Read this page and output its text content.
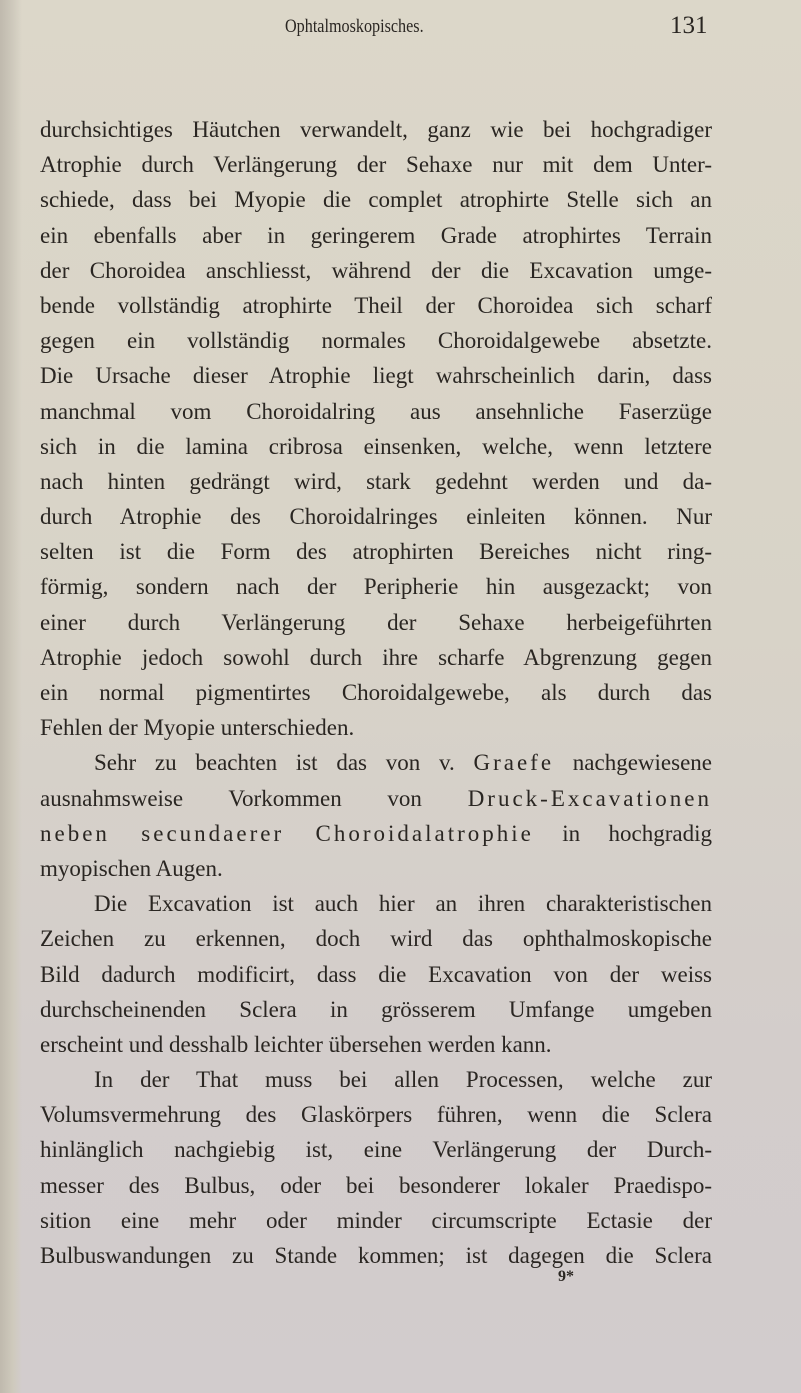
Ophtalmoskopisches.	131
durchsichtiges Häutchen verwandelt, ganz wie bei hochgradiger
Atrophie durch Verlängerung der Sehaxe nur mit dem Unter-
schiede, dass bei Myopie die complet atrophirte Stelle sich an
ein ebenfalls aber in geringerem Grade atrophirtes Terrain
der Choroidea anschliesst, während der die Excavation umge-
bende vollständig atrophirte Theil der Choroidea sich scharf
gegen ein vollständig normales Choroidalgewebe absetzte.
Die Ursache dieser Atrophie liegt wahrscheinlich darin, dass
manchmal vom Choroidalring aus ansehnliche Faserzüge
sich in die lamina cribrosa einsenken, welche, wenn letztere
nach hinten gedrängt wird, stark gedehnt werden und da-
durch Atrophie des Choroidalringes einleiten können. Nur
selten ist die Form des atrophirten Bereiches nicht ring-
förmig, sondern nach der Peripherie hin ausgezackt; von
einer durch Verlängerung der Sehaxe herbeigeführten
Atrophie jedoch sowohl durch ihre scharfe Abgrenzung gegen
ein normal pigmentirtes Choroidalgewebe, als durch das
Fehlen der Myopie unterschieden.
Sehr zu beachten ist das von v. Graefe nachgewiesene
ausnahmsweise Vorkommen von Druck-Excavationen
neben secundaerer Choroidalatrophie in hochgradig
myopischen Augen.
Die Excavation ist auch hier an ihren charakteristischen
Zeichen zu erkennen, doch wird das ophthalmoskopische
Bild dadurch modificirt, dass die Excavation von der weiss
durchscheinenden Sclera in grösserem Umfange umgeben
erscheint und desshalb leichter übersehen werden kann.
In der That muss bei allen Processen, welche zur
Volumsvermehrung des Glaskörpers führen, wenn die Sclera
hinlänglich nachgiebig ist, eine Verlängerung der Durch-
messer des Bulbus, oder bei besonderer lokaler Praedispo-
sition eine mehr oder minder circumscripte Ectasie der
Bulbuswandungen zu Stande kommen; ist dagegen die Sclera
9*
